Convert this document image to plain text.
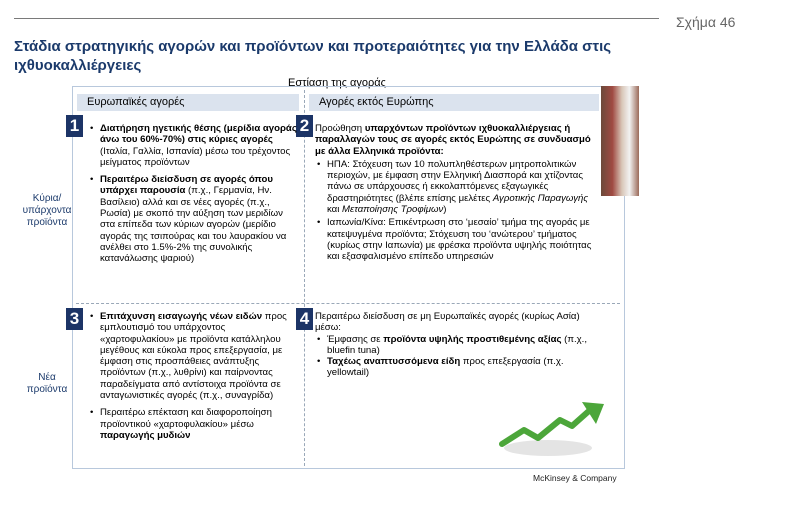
Σχήμα 46
Στάδια στρατηγικής αγορών και προϊόντων και προτεραιότητες για την Ελλάδα στις ιχθυοκαλλιέργειες
Εστίαση της αγοράς
Ευρωπαϊκές αγορές	Αγορές εκτός Ευρώπης
Κύρια/
υπάρχοντα
προϊόντα
Νέα
προϊόντα
1	2
3	4
• Διατήρηση ηγετικής θέσης (μερίδια αγοράς άνω του 60%-70%) στις κύριες αγορές (Ιταλία, Γαλλία, Ισπανία) μέσω του τρέχοντος μείγματος προϊόντων
• Περαιτέρω διείσδυση σε αγορές όπου υπάρχει παρουσία (π.χ., Γερμανία, Ην. Βασίλειο) αλλά και σε νέες αγορές (π.χ., Ρωσία) με σκοπό την αύξηση των μεριδίων στα επίπεδα των κύριων αγορών (μερίδιο αγοράς της τσιπούρας και του λαυρακίου να ανέλθει στο 1.5%-2% της συνολικής κατανάλωσης ψαριού)

Προώθηση υπαρχόντων προϊόντων ιχθυοκαλλιέργειας ή παραλλαγών τους σε αγορές εκτός Ευρώπης σε συνδυασμό με άλλα Ελληνικά προϊόντα:

• ΗΠΑ: Στόχευση των 10 πολυπληθέστερων μητροπολιτικών περιοχών, με έμφαση στην Ελληνική Διασπορά και χτίζοντας πάνω σε υπάρχουσες ή εκκολαπτόμενες εξαγωγικές δραστηριότητες (βλέπε επίσης μελέτες Αγροτικής Παραγωγής και Μεταποίησης Τροφίμων)
• Ιαπωνία/Κίνα: Επικέντρωση στο ‘μεσαίο’ τμήμα της αγοράς με κατεψυγμένα προϊόντα; Στόχευση του ‘ανώτερου’ τμήματος (κυρίως στην Ιαπωνία) με φρέσκα προϊόντα υψηλής ποιότητας και εξασφαλισμένο επίπεδο υπηρεσιών
• Επιτάχυνση εισαγωγής νέων ειδών προς εμπλουτισμό του υπάρχοντος «χαρτοφυλακίου» με προϊόντα κατάλληλου μεγέθους και εύκολα προς επεξεργασία, με έμφαση στις προσπάθειες ανάπτυξης προϊόντων (π.χ., λυθρίνι) και παίρνοντας παραδείγματα από αντίστοιχα προϊόντα σε ανταγωνιστικές αγορές (π.χ., συναγρίδα)
• Περαιτέρω επέκταση και διαφοροποίηση προϊοντικού «χαρτοφυλακίου» μέσω παραγωγής μυδιών

Περαιτέρω διείσδυση σε μη Ευρωπαϊκές αγορές (κυρίως Ασία) μέσω:

• Έμφασης σε προϊόντα υψηλής προστιθεμένης αξίας (π.χ., bluefin tuna)
• Ταχέως αναπτυσσόμενα είδη προς επεξεργασία (π.χ. yellowtail)
McKinsey & Company
